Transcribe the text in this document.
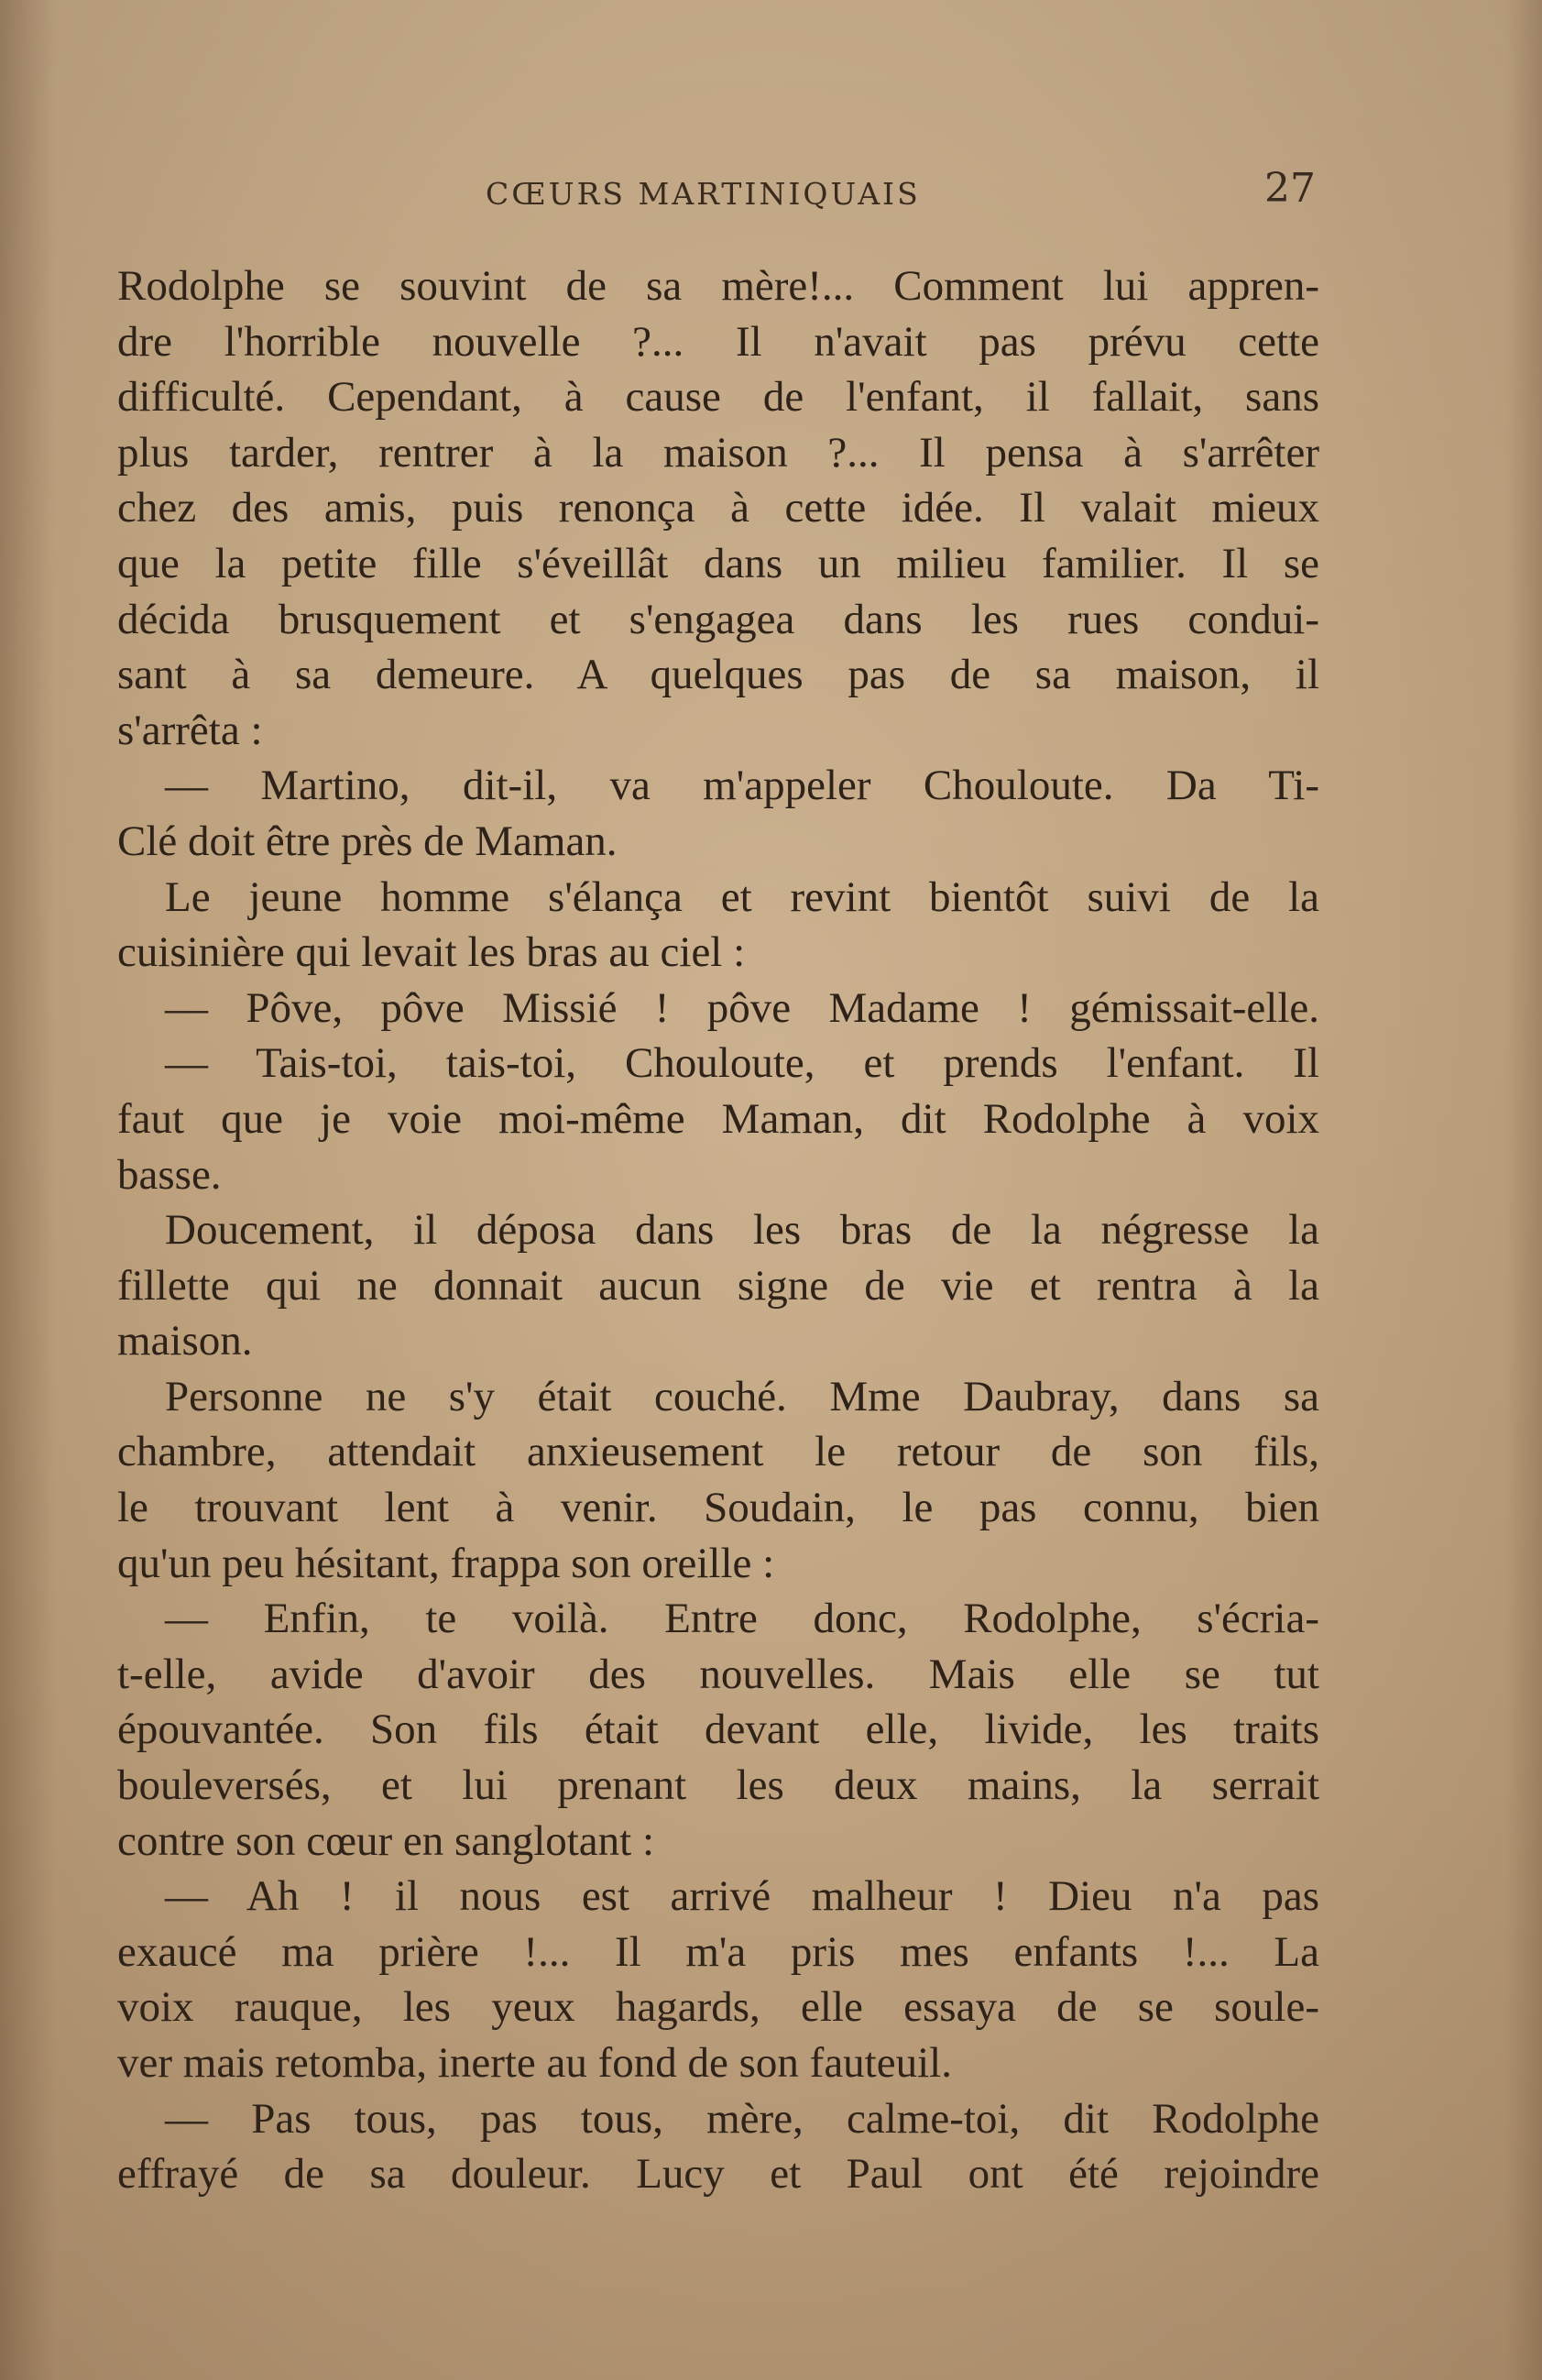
CŒURS MARTINIQUAIS	27
Rodolphe se souvint de sa mère!... Comment lui appren-
dre l'horrible nouvelle ?... Il n'avait pas prévu cette
difficulté. Cependant, à cause de l'enfant, il fallait, sans
plus tarder, rentrer à la maison ?... Il pensa à s'arrêter
chez des amis, puis renonça à cette idée. Il valait mieux
que la petite fille s'éveillât dans un milieu familier. Il se
décida brusquement et s'engagea dans les rues condui-
sant à sa demeure. A quelques pas de sa maison, il
s'arrêta :
— Martino, dit-il, va m'appeler Chouloute. Da Ti-
Clé doit être près de Maman.
Le jeune homme s'élança et revint bientôt suivi de la
cuisinière qui levait les bras au ciel :
— Pôve, pôve Missié ! pôve Madame ! gémissait-elle.
— Tais-toi, tais-toi, Chouloute, et prends l'enfant. Il
faut que je voie moi-même Maman, dit Rodolphe à voix
basse.
Doucement, il déposa dans les bras de la négresse la
fillette qui ne donnait aucun signe de vie et rentra à la
maison.
Personne ne s'y était couché. Mme Daubray, dans sa
chambre, attendait anxieusement le retour de son fils,
le trouvant lent à venir. Soudain, le pas connu, bien
qu'un peu hésitant, frappa son oreille :
— Enfin, te voilà. Entre donc, Rodolphe, s'écria-
t-elle, avide d'avoir des nouvelles. Mais elle se tut
épouvantée. Son fils était devant elle, livide, les traits
bouleversés, et lui prenant les deux mains, la serrait
contre son cœur en sanglotant :
— Ah ! il nous est arrivé malheur ! Dieu n'a pas
exaucé ma prière !... Il m'a pris mes enfants !... La
voix rauque, les yeux hagards, elle essaya de se soule-
ver mais retomba, inerte au fond de son fauteuil.
— Pas tous, pas tous, mère, calme-toi, dit Rodolphe
effrayé de sa douleur. Lucy et Paul ont été rejoindre
